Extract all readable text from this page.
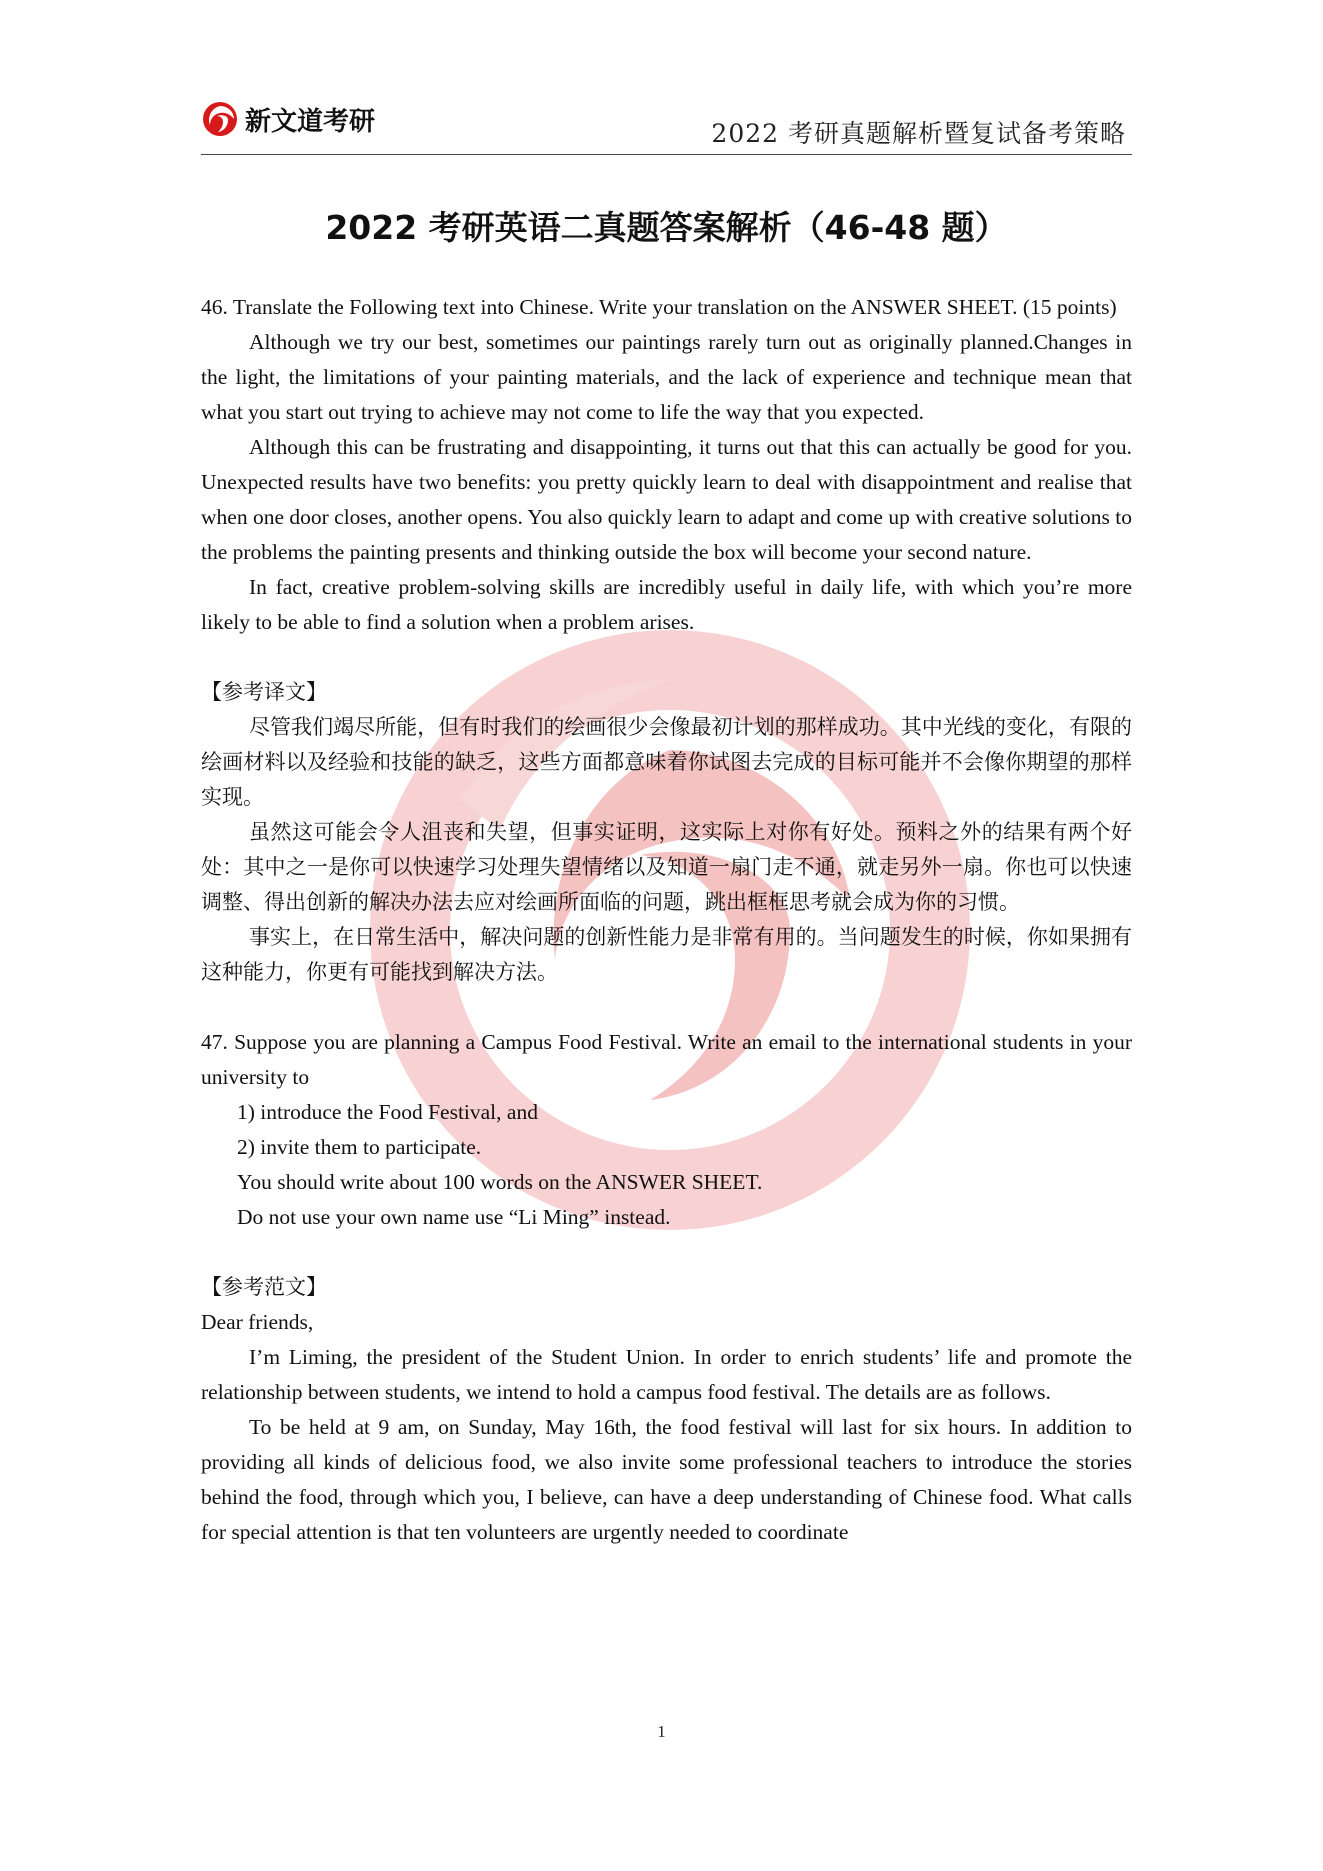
新文道考研	2022 考研真题解析暨复试备考策略
2022 考研英语二真题答案解析（46-48 题）

46. Translate the Following text into Chinese. Write your translation on the ANSWER SHEET. (15 points)

Although we try our best, sometimes our paintings rarely turn out as originally planned.Changes in the light, the limitations of your painting materials, and the lack of experience and technique mean that what you start out trying to achieve may not come to life the way that you expected.

Although this can be frustrating and disappointing, it turns out that this can actually be good for you. Unexpected results have two benefits: you pretty quickly learn to deal with disappointment and realise that when one door closes, another opens. You also quickly learn to adapt and come up with creative solutions to the problems the painting presents and thinking outside the box will become your second nature.

In fact, creative problem-solving skills are incredibly useful in daily life, with which you’re more likely to be able to find a solution when a problem arises.

【参考译文】

尽管我们竭尽所能，但有时我们的绘画很少会像最初计划的那样成功。其中光线的变化，有限的绘画材料以及经验和技能的缺乏，这些方面都意味着你试图去完成的目标可能并不会像你期望的那样实现。

虽然这可能会令人沮丧和失望，但事实证明，这实际上对你有好处。预料之外的结果有两个好处：其中之一是你可以快速学习处理失望情绪以及知道一扇门走不通，就走另外一扇。你也可以快速调整、得出创新的解决办法去应对绘画所面临的问题，跳出框框思考就会成为你的习惯。

事实上，在日常生活中，解决问题的创新性能力是非常有用的。当问题发生的时候，你如果拥有这种能力，你更有可能找到解决方法。

47. Suppose you are planning a Campus Food Festival. Write an email to the international students in your university to

1) introduce the Food Festival, and

2) invite them to participate.

You should write about 100 words on the ANSWER SHEET.

Do not use your own name use “Li Ming” instead.

【参考范文】

Dear friends,

I’m Liming, the president of the Student Union. In order to enrich students’ life and promote the relationship between students, we intend to hold a campus food festival. The details are as follows.

To be held at 9 am, on Sunday, May 16th, the food festival will last for six hours. In addition to providing all kinds of delicious food, we also invite some professional teachers to introduce the stories behind the food, through which you, I believe, can have a deep understanding of Chinese food. What calls for special attention is that ten volunteers are urgently needed to coordinate

1
